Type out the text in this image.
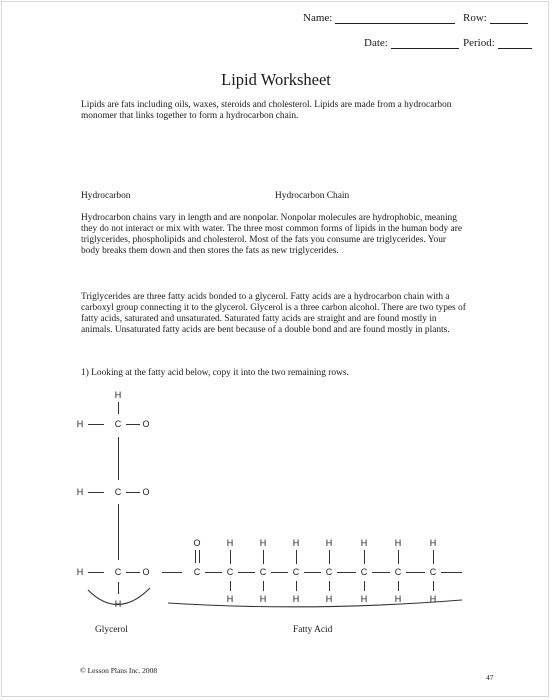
Name:	Row:
Date:	Period:
Lipid Worksheet
Lipids are fats including oils, waxes, steroids and cholesterol. Lipids are made from a hydrocarbon monomer that links together to form a hydrocarbon chain.
Hydrocarbon	Hydrocarbon Chain
Hydrocarbon chains vary in length and are nonpolar. Nonpolar molecules are hydrophobic, meaning they do not interact or mix with water. The three most common forms of lipids in the human body are triglycerides, phospholipids and cholesterol. Most of the fats you consume are triglycerides. Your body breaks them down and then stores the fats as new triglycerides.
Triglycerides are three fatty acids bonded to a glycerol. Fatty acids are a hydrocarbon chain with a carboxyl group connecting it to the glycerol. Glycerol is a three carbon alcohol. There are two types of fatty acids, saturated and unsaturated. Saturated fatty acids are straight and are found mostly in animals. Unsaturated fatty acids are bent because of a double bond and are found mostly in plants.
1) Looking at the fatty acid below, copy it into the two remaining rows.
H
H	C O
H	C O
H	C O
H
C
O	H
C
H
H
C
H
H
C
H
H
C
H
H
C
H
H
C
H
H
C
H
Glycerol	Fatty Acid
© Lesson Plans Inc. 2008
47
